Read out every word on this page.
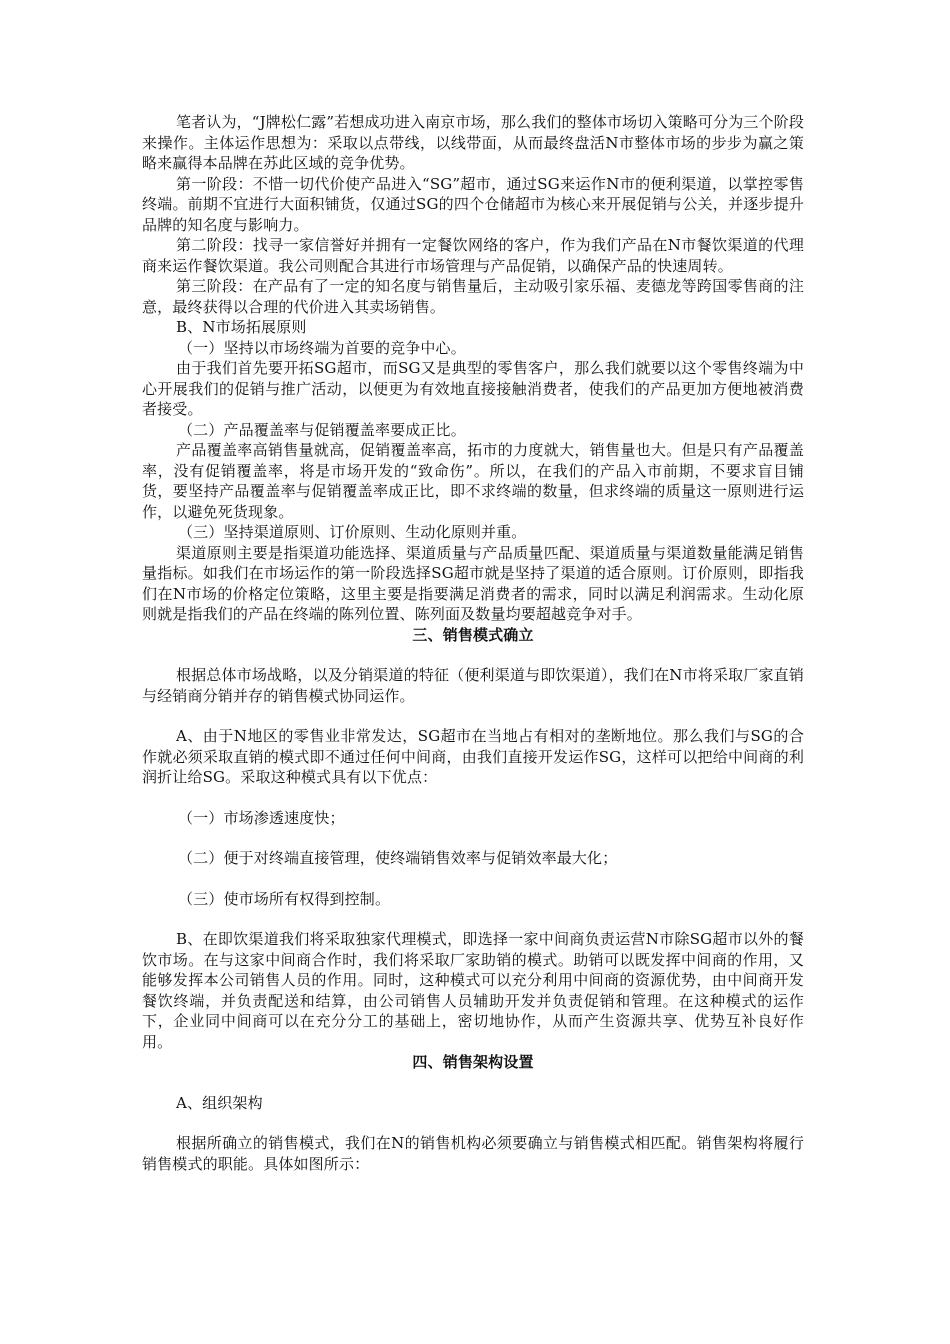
笔者认为，“J牌松仁露”若想成功进入南京市场，那么我们的整体市场切入策略可分为三个阶段来操作。主体运作思想为：采取以点带线，以线带面，从而最终盘活N市整体市场的步步为赢之策略来赢得本品牌在苏此区域的竞争优势。

第一阶段：不惜一切代价使产品进入“SG”超市，通过SG来运作N市的便利渠道，以掌控零售终端。前期不宜进行大面积铺货，仅通过SG的四个仓储超市为核心来开展促销与公关，并逐步提升品牌的知名度与影响力。

第二阶段：找寻一家信誉好并拥有一定餐饮网络的客户，作为我们产品在N市餐饮渠道的代理商来运作餐饮渠道。我公司则配合其进行市场管理与产品促销，以确保产品的快速周转。

第三阶段：在产品有了一定的知名度与销售量后，主动吸引家乐福、麦德龙等跨国零售商的注意，最终获得以合理的代价进入其卖场销售。

B、N市场拓展原则

（一）坚持以市场终端为首要的竞争中心。

由于我们首先要开拓SG超市，而SG又是典型的零售客户，那么我们就要以这个零售终端为中心开展我们的促销与推广活动，以便更为有效地直接接触消费者，使我们的产品更加方便地被消费者接受。

（二）产品覆盖率与促销覆盖率要成正比。

产品覆盖率高销售量就高，促销覆盖率高，拓市的力度就大，销售量也大。但是只有产品覆盖率，没有促销覆盖率，将是市场开发的“致命伤”。所以，在我们的产品入市前期，不要求盲目铺货，要坚持产品覆盖率与促销覆盖率成正比，即不求终端的数量，但求终端的质量这一原则进行运作，以避免死货现象。

（三）坚持渠道原则、订价原则、生动化原则并重。

渠道原则主要是指渠道功能选择、渠道质量与产品质量匹配、渠道质量与渠道数量能满足销售量指标。如我们在市场运作的第一阶段选择SG超市就是坚持了渠道的适合原则。订价原则，即指我们在N市场的价格定位策略，这里主要是指要满足消费者的需求，同时以满足利润需求。生动化原则就是指我们的产品在终端的陈列位置、陈列面及数量均要超越竞争对手。

三、销售模式确立

根据总体市场战略，以及分销渠道的特征（便利渠道与即饮渠道），我们在N市将采取厂家直销与经销商分销并存的销售模式协同运作。

A、由于N地区的零售业非常发达，SG超市在当地占有相对的垄断地位。那么我们与SG的合作就必须采取直销的模式即不通过任何中间商，由我们直接开发运作SG，这样可以把给中间商的利润折让给SG。采取这种模式具有以下优点：

（一）市场渗透速度快；

（二）便于对终端直接管理，使终端销售效率与促销效率最大化；

（三）使市场所有权得到控制。

B、在即饮渠道我们将采取独家代理模式，即选择一家中间商负责运营N市除SG超市以外的餐饮市场。在与这家中间商合作时，我们将采取厂家助销的模式。助销可以既发挥中间商的作用，又能够发挥本公司销售人员的作用。同时，这种模式可以充分利用中间商的资源优势，由中间商开发餐饮终端，并负责配送和结算，由公司销售人员辅助开发并负责促销和管理。在这种模式的运作下，企业同中间商可以在充分分工的基础上，密切地协作，从而产生资源共享、优势互补良好作用。

四、销售架构设置

A、组织架构

根据所确立的销售模式，我们在N的销售机构必须要确立与销售模式相匹配。销售架构将履行销售模式的职能。具体如图所示：
